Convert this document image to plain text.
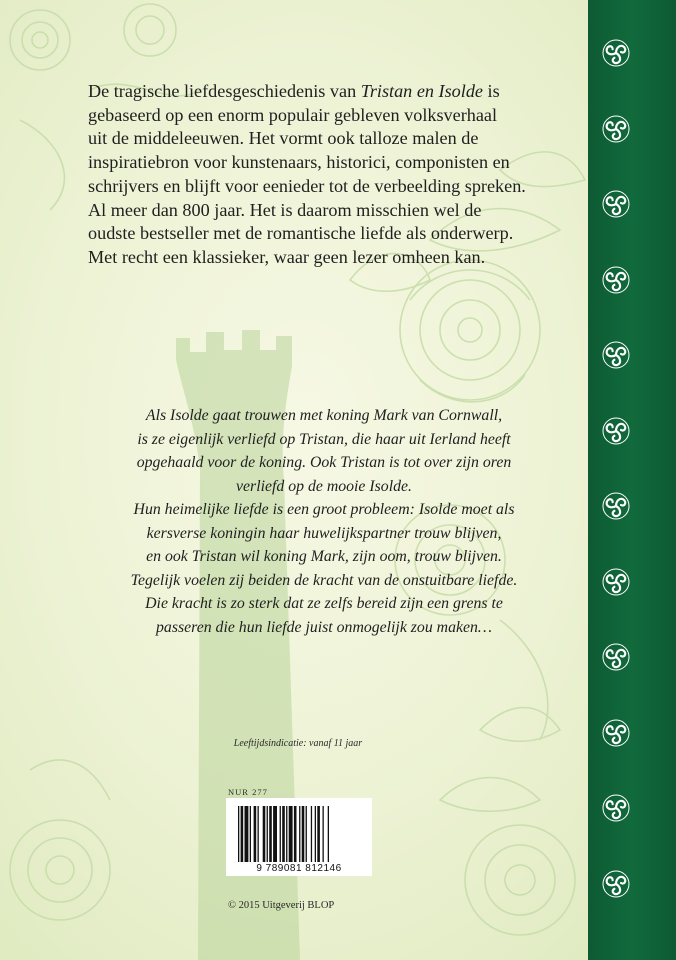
De tragische liefdesgeschiedenis van Tristan en Isolde is
gebaseerd op een enorm populair gebleven volksverhaal
uit de middeleeuwen. Het vormt ook talloze malen de
inspiratiebron voor kunstenaars, historici, componisten en
schrijvers en blijft voor eenieder tot de verbeelding spreken.
Al meer dan 800 jaar. Het is daarom misschien wel de
oudste bestseller met de romantische liefde als onderwerp.
Met recht een klassieker, waar geen lezer omheen kan.

Als Isolde gaat trouwen met koning Mark van Cornwall,
is ze eigenlijk verliefd op Tristan, die haar uit Ierland heeft
opgehaald voor de koning. Ook Tristan is tot over zijn oren
verliefd op de mooie Isolde.
Hun heimelijke liefde is een groot probleem: Isolde moet als
kersverse koningin haar huwelijkspartner trouw blijven,
en ook Tristan wil koning Mark, zijn oom, trouw blijven.
Tegelijk voelen zij beiden de kracht van de onstuitbare liefde.
Die kracht is zo sterk dat ze zelfs bereid zijn een grens te
passeren die hun liefde juist onmogelijk zou maken…

Leeftijdsindicatie: vanaf 11 jaar
NUR 277
9 789081 812146
© 2015 Uitgeverij BLOP
